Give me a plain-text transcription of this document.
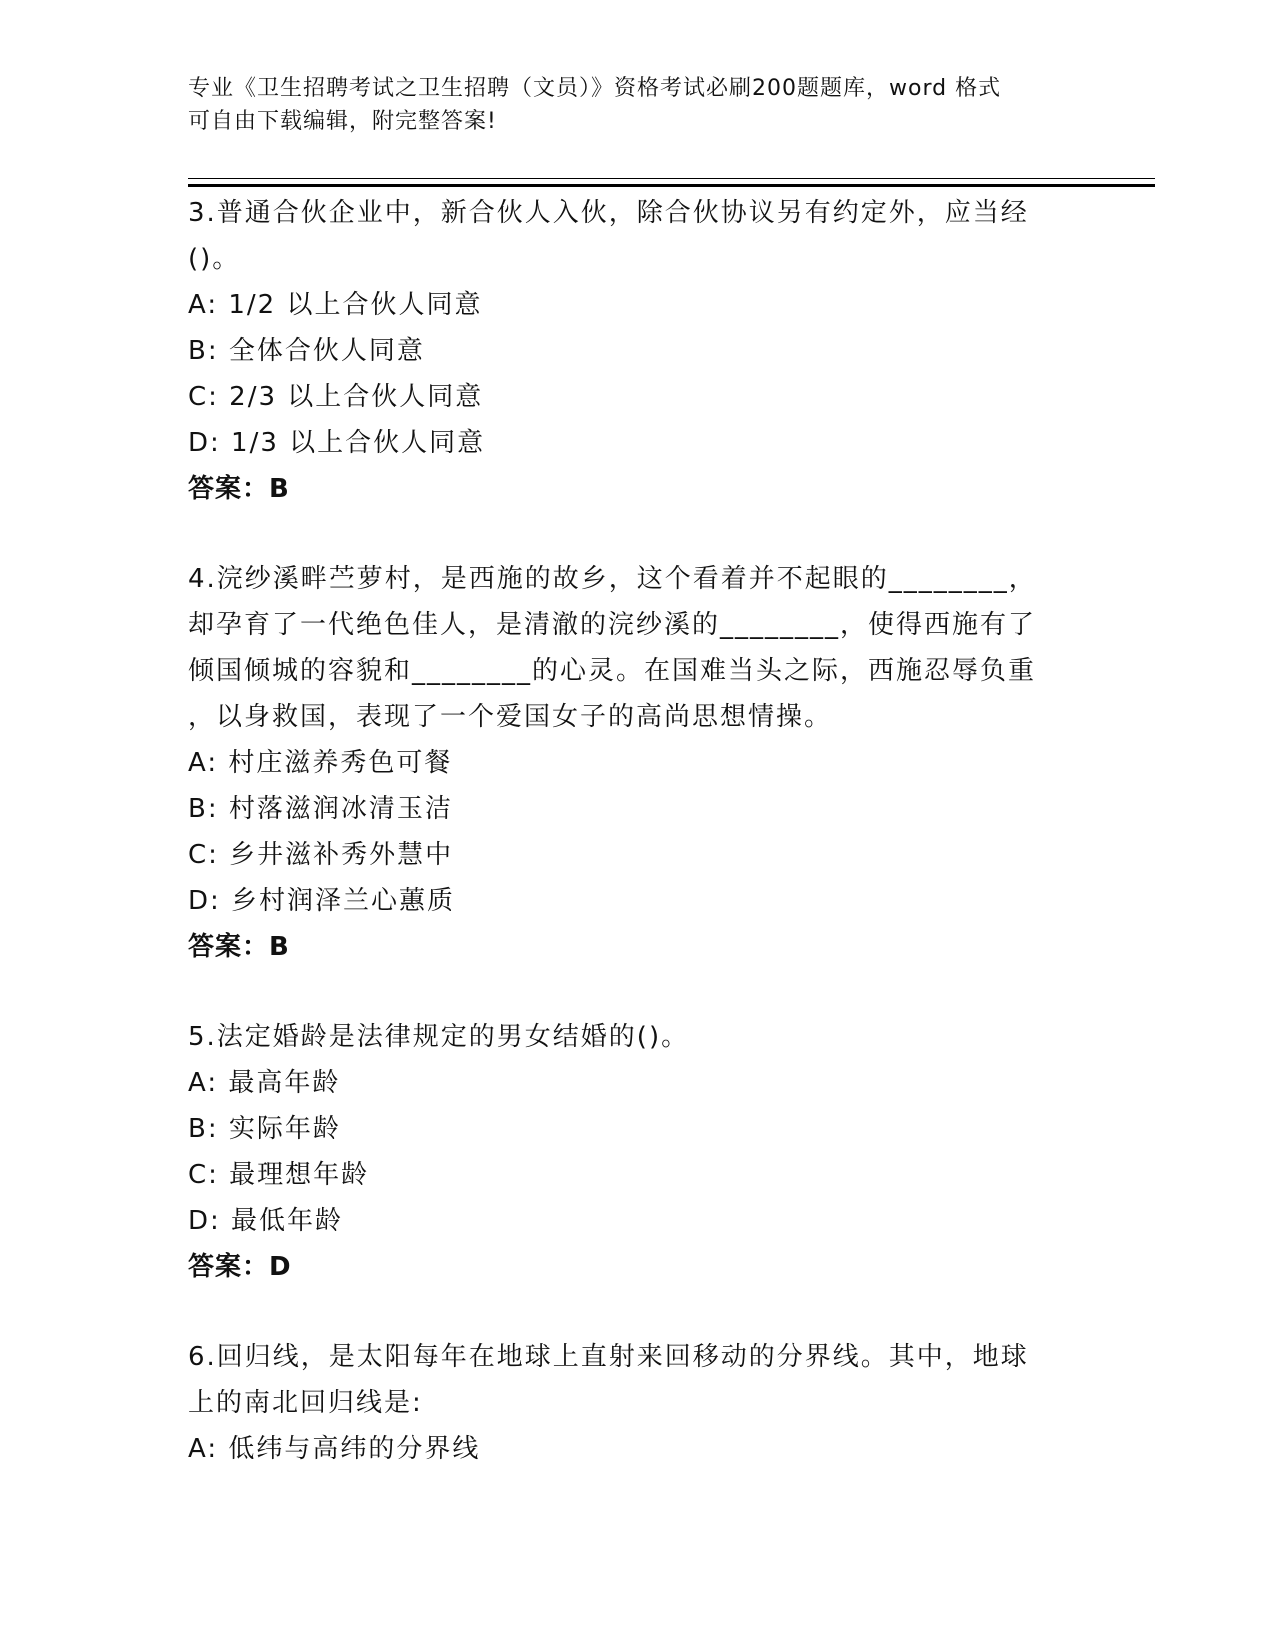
专业《卫生招聘考试之卫生招聘（文员）》资格考试必刷200题题库，word 格式
可自由下载编辑，附完整答案!
3.普通合伙企业中，新合伙人入伙，除合伙协议另有约定外，应当经
()。
A: 1/2 以上合伙人同意
B: 全体合伙人同意
C: 2/3 以上合伙人同意
D: 1/3 以上合伙人同意
答案：B
4.浣纱溪畔苎萝村，是西施的故乡，这个看着并不起眼的________，
却孕育了一代绝色佳人，是清澈的浣纱溪的________，使得西施有了
倾国倾城的容貌和________的心灵。在国难当头之际，西施忍辱负重
，以身救国，表现了一个爱国女子的高尚思想情操。
A: 村庄滋养秀色可餐
B: 村落滋润冰清玉洁
C: 乡井滋补秀外慧中
D: 乡村润泽兰心蕙质
答案：B
5.法定婚龄是法律规定的男女结婚的()。
A: 最高年龄
B: 实际年龄
C: 最理想年龄
D: 最低年龄
答案：D
6.回归线，是太阳每年在地球上直射来回移动的分界线。其中，地球
上的南北回归线是:
A: 低纬与高纬的分界线
